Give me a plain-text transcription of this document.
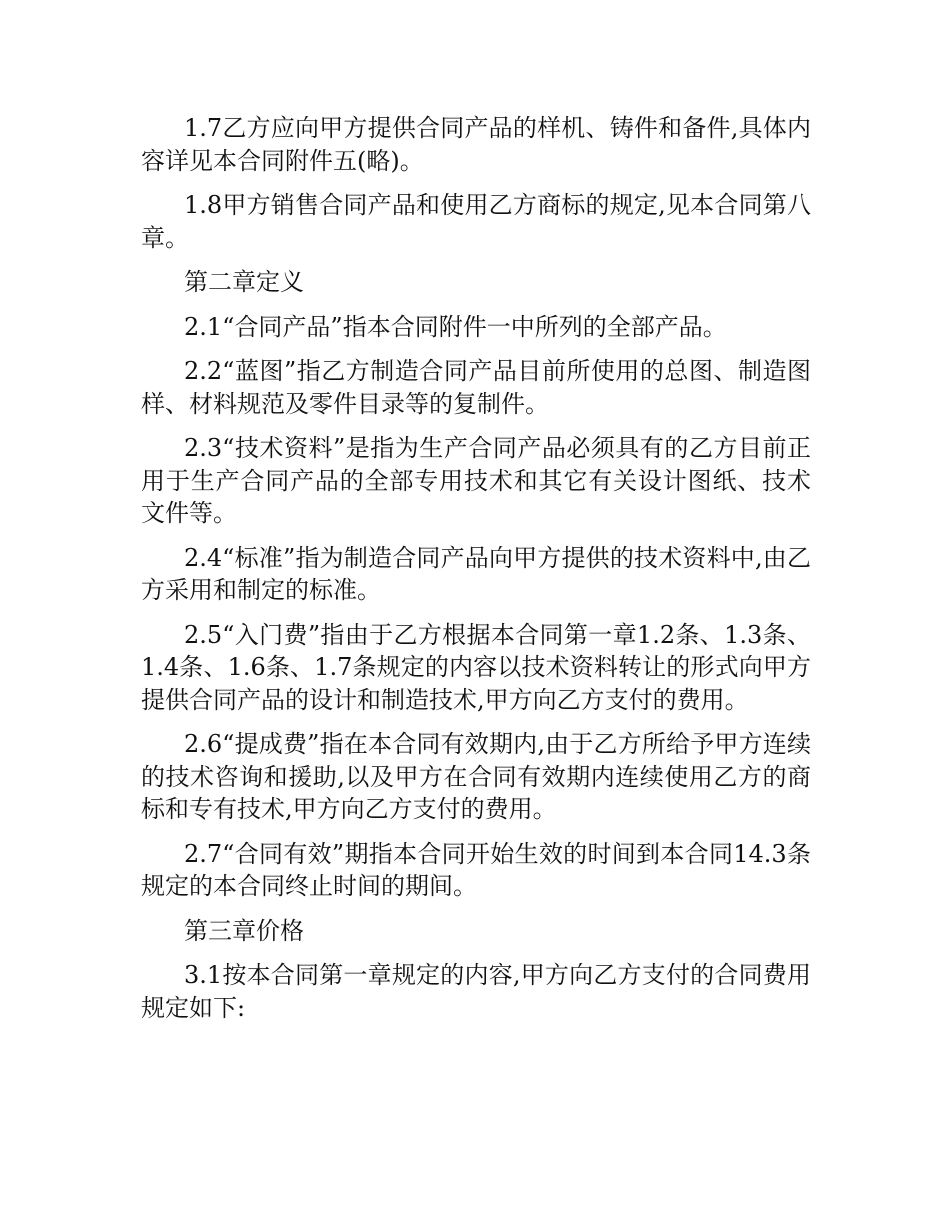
1.7乙方应向甲方提供合同产品的样机、铸件和备件,具体内容详见本合同附件五(略)。

1.8甲方销售合同产品和使用乙方商标的规定,见本合同第八章。

第二章定义

2.1“合同产品”指本合同附件一中所列的全部产品。

2.2“蓝图”指乙方制造合同产品目前所使用的总图、制造图样、材料规范及零件目录等的复制件。

2.3“技术资料”是指为生产合同产品必须具有的乙方目前正用于生产合同产品的全部专用技术和其它有关设计图纸、技术文件等。

2.4“标准”指为制造合同产品向甲方提供的技术资料中,由乙方采用和制定的标准。

2.5“入门费”指由于乙方根据本合同第一章1.2条、1.3条、1.4条、1.6条、1.7条规定的内容以技术资料转让的形式向甲方提供合同产品的设计和制造技术,甲方向乙方支付的费用。

2.6“提成费”指在本合同有效期内,由于乙方所给予甲方连续的技术咨询和援助,以及甲方在合同有效期内连续使用乙方的商标和专有技术,甲方向乙方支付的费用。

2.7“合同有效”期指本合同开始生效的时间到本合同14.3条规定的本合同终止时间的期间。

第三章价格

3.1按本合同第一章规定的内容,甲方向乙方支付的合同费用规定如下:
